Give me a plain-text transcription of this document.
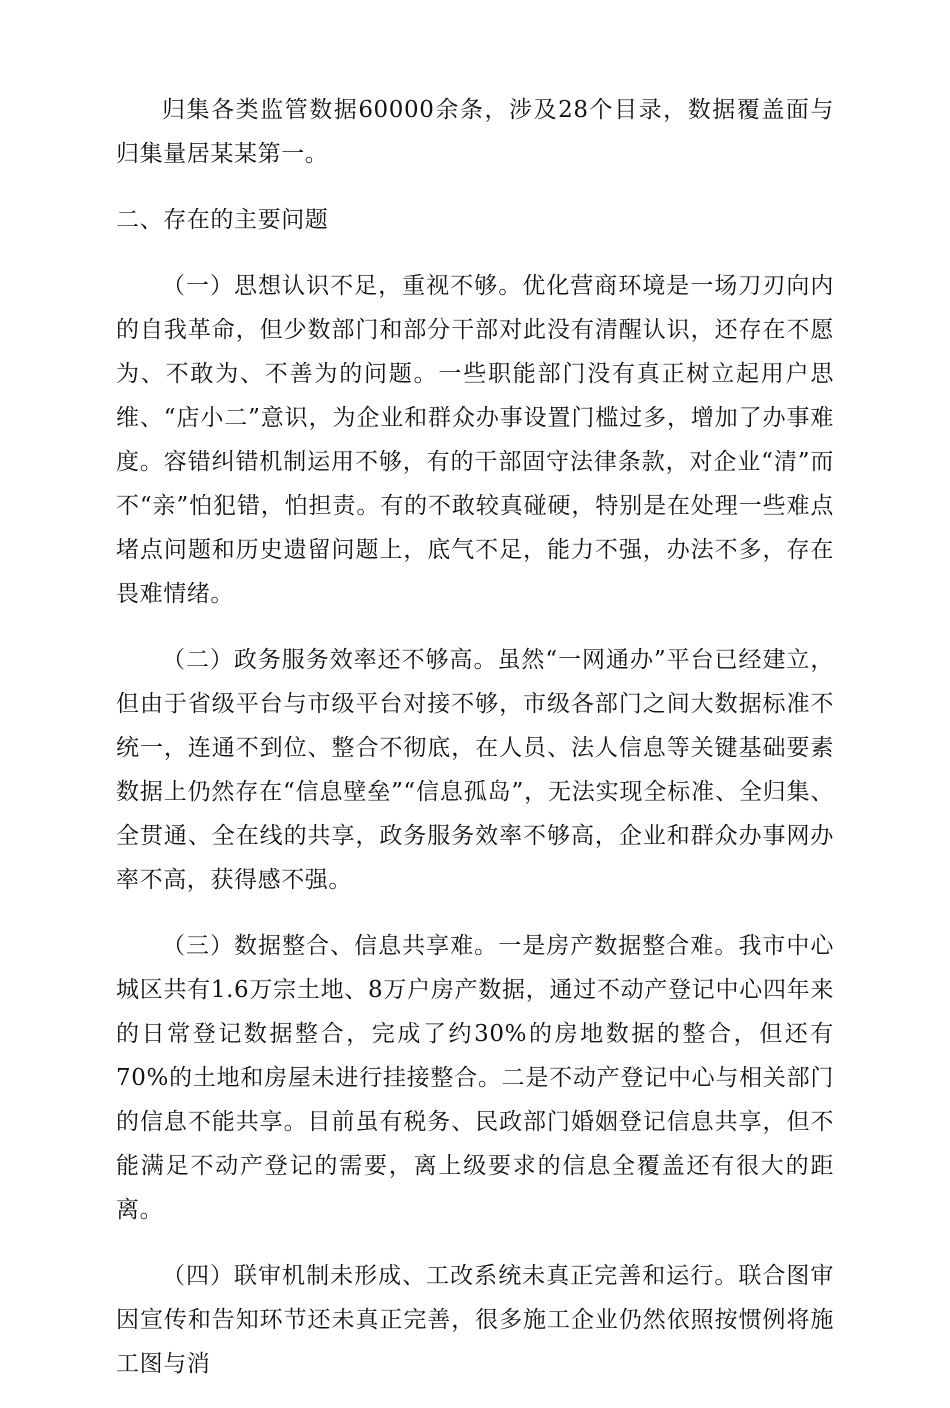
归集各类监管数据60000余条，涉及28个目录，数据覆盖面与归集量居某某第一。

二、存在的主要问题

（一）思想认识不足，重视不够。优化营商环境是一场刀刃向内的自我革命，但少数部门和部分干部对此没有清醒认识，还存在不愿为、不敢为、不善为的问题。一些职能部门没有真正树立起用户思维、“店小二”意识，为企业和群众办事设置门槛过多，增加了办事难度。容错纠错机制运用不够，有的干部固守法律条款，对企业“清”而不“亲”怕犯错，怕担责。有的不敢较真碰硬，特别是在处理一些难点堵点问题和历史遗留问题上，底气不足，能力不强，办法不多，存在畏难情绪。

（二）政务服务效率还不够高。虽然“一网通办”平台已经建立，但由于省级平台与市级平台对接不够，市级各部门之间大数据标准不统一，连通不到位、整合不彻底，在人员、法人信息等关键基础要素数据上仍然存在“信息壁垒”“信息孤岛”，无法实现全标准、全归集、全贯通、全在线的共享，政务服务效率不够高，企业和群众办事网办率不高，获得感不强。

（三）数据整合、信息共享难。一是房产数据整合难。我市中心城区共有1.6万宗土地、8万户房产数据，通过不动产登记中心四年来的日常登记数据整合，完成了约30%的房地数据的整合，但还有70%的土地和房屋未进行挂接整合。二是不动产登记中心与相关部门的信息不能共享。目前虽有税务、民政部门婚姻登记信息共享，但不能满足不动产登记的需要，离上级要求的信息全覆盖还有很大的距离。

（四）联审机制未形成、工改系统未真正完善和运行。联合图审因宣传和告知环节还未真正完善，很多施工企业仍然依照按惯例将施工图与消
